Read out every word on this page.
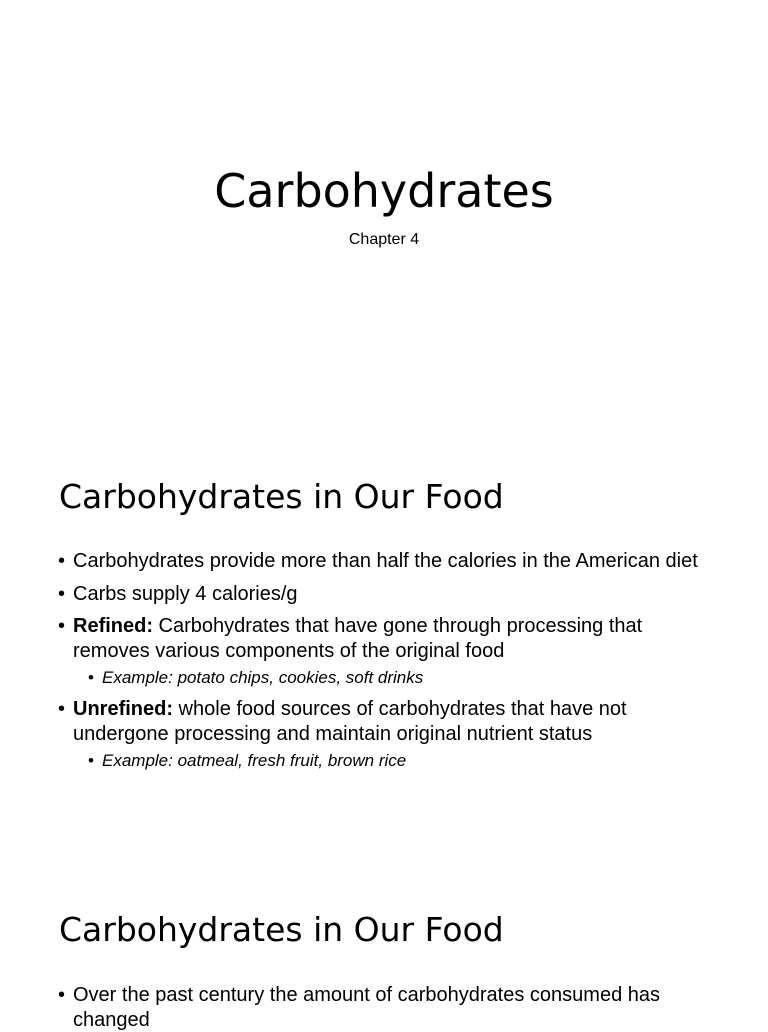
Carbohydrates
Chapter 4
Carbohydrates in Our Food
• Carbohydrates provide more than half the calories in the American diet
• Carbs supply 4 calories/g
• Refined: Carbohydrates that have gone through processing that removes various components of the original food
• Example: potato chips, cookies, soft drinks
• Unrefined: whole food sources of carbohydrates that have not undergone processing and maintain original nutrient status
• Example: oatmeal, fresh fruit, brown rice
Carbohydrates in Our Food
• Over the past century the amount of carbohydrates consumed has changed
